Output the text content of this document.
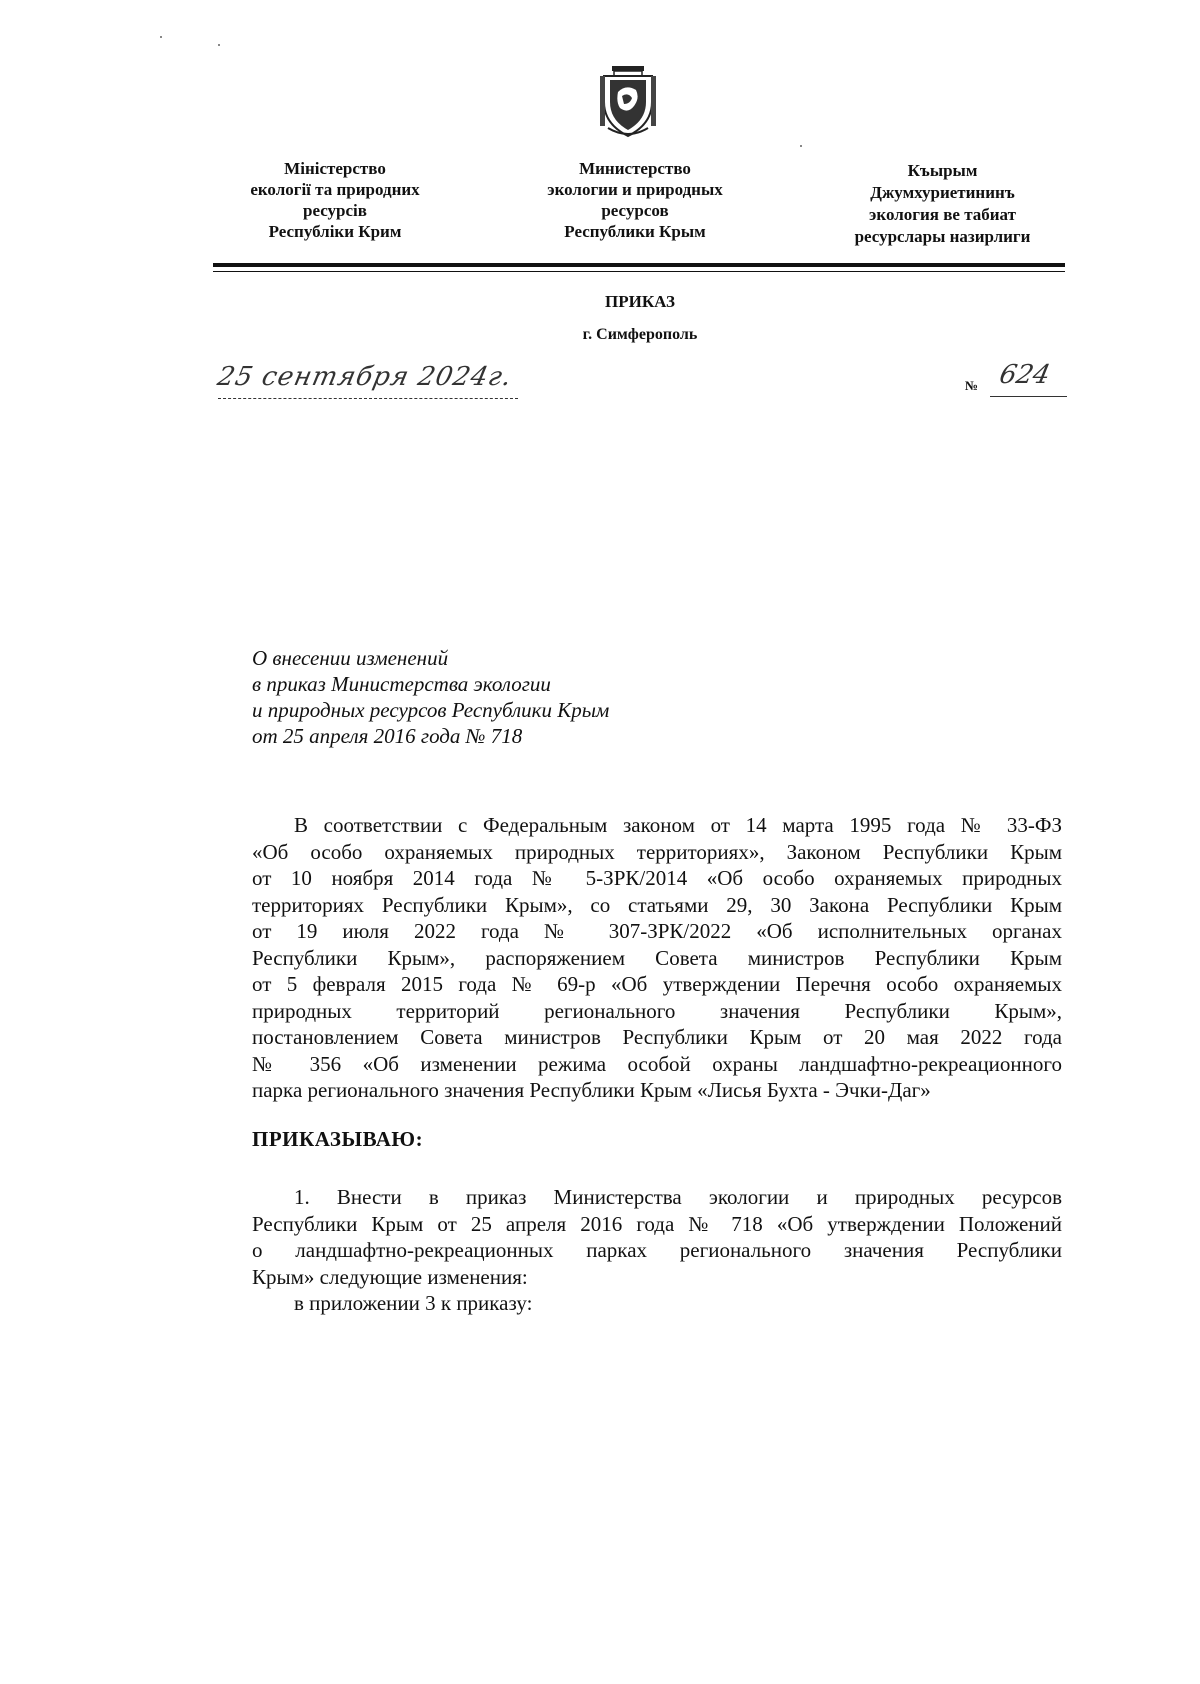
Міністерство
екології та природних
ресурсів
Республіки Крим
Министерство
экологии и природных
ресурсов
Республики Крым
Къырым
Джумхуриетининъ
экология ве табиат
ресурслары назирлиги
ПРИКАЗ
г. Симферополь
25 сентября 2024г.	№ 624
О внесении изменений
в приказ Министерства экологии
и природных ресурсов Республики Крым
от 25 апреля 2016 года № 718
В соответствии с Федеральным законом от 14 марта 1995 года № 33-ФЗ
«Об особо охраняемых природных территориях», Законом Республики Крым
от 10 ноября 2014 года № 5-ЗРК/2014 «Об особо охраняемых природных
территориях Республики Крым», со статьями 29, 30 Закона Республики Крым
от 19 июля 2022 года № 307-ЗРК/2022 «Об исполнительных органах
Республики Крым», распоряжением Совета министров Республики Крым
от 5 февраля 2015 года № 69-р «Об утверждении Перечня особо охраняемых
природных территорий регионального значения Республики Крым»,
постановлением Совета министров Республики Крым от 20 мая 2022 года
№ 356 «Об изменении режима особой охраны ландшафтно-рекреационного
парка регионального значения Республики Крым «Лисья Бухта - Эчки-Даг»
ПРИКАЗЫВАЮ:
1. Внести в приказ Министерства экологии и природных ресурсов
Республики Крым от 25 апреля 2016 года № 718 «Об утверждении Положений
о ландшафтно-рекреационных парках регионального значения Республики
Крым» следующие изменения:
в приложении 3 к приказу:
